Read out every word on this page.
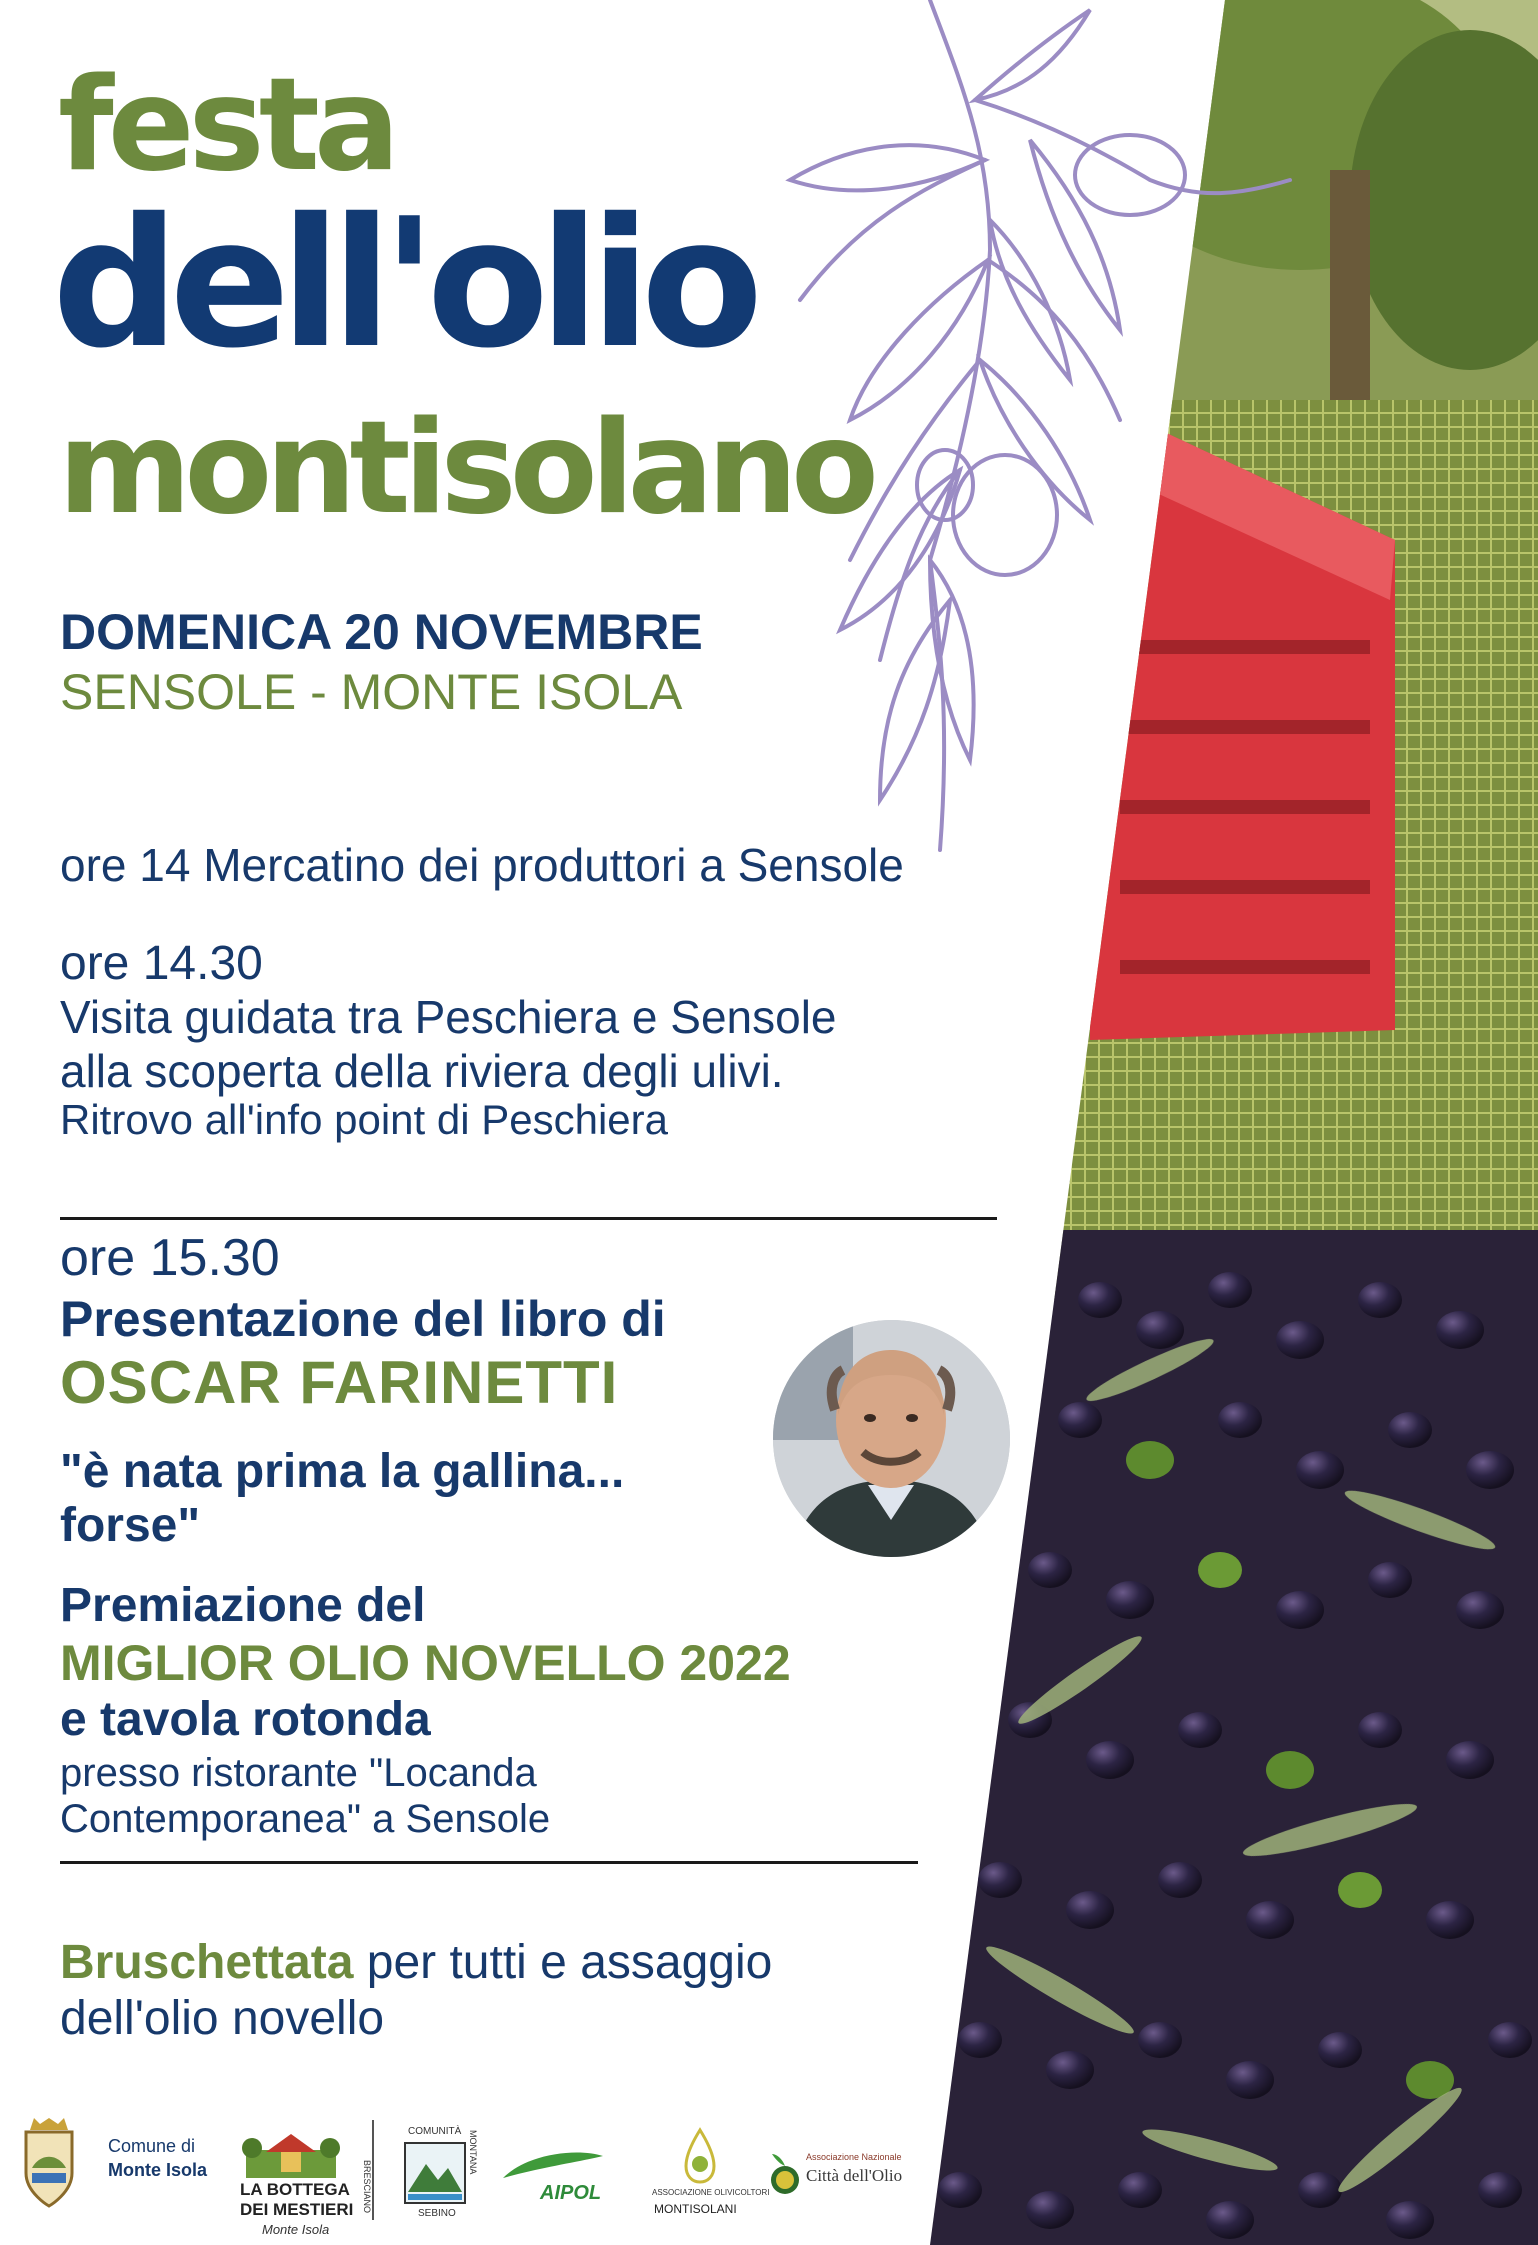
festa
dell'olio
montisolano

DOMENICA 20 NOVEMBRE

SENSOLE - MONTE ISOLA

ore 14 Mercatino dei produttori a Sensole

ore 14.30

Visita guidata tra Peschiera e Sensole
alla scoperta della riviera degli ulivi.

Ritrovo all'info point di Peschiera

ore 15.30

Presentazione del libro di

OSCAR FARINETTI

"è nata prima la gallina...
forse"

Premiazione del

MIGLIOR OLIO NOVELLO 2022

e tavola rotonda

presso ristorante "Locanda
Contemporanea" a Sensole
Bruschettata per tutti e assaggio
dell'olio novello
Comune di
Monte Isola
LA BOTTEGA
DEI MESTIERI
Monte Isola
COMUNITÀ
BRESCIANO
MONTANA
SEBINO
AIPOL	ASSOCIAZIONE OLIVICOLTORI
MONTISOLANI
Associazione Nazionale
Città dell'Olio
